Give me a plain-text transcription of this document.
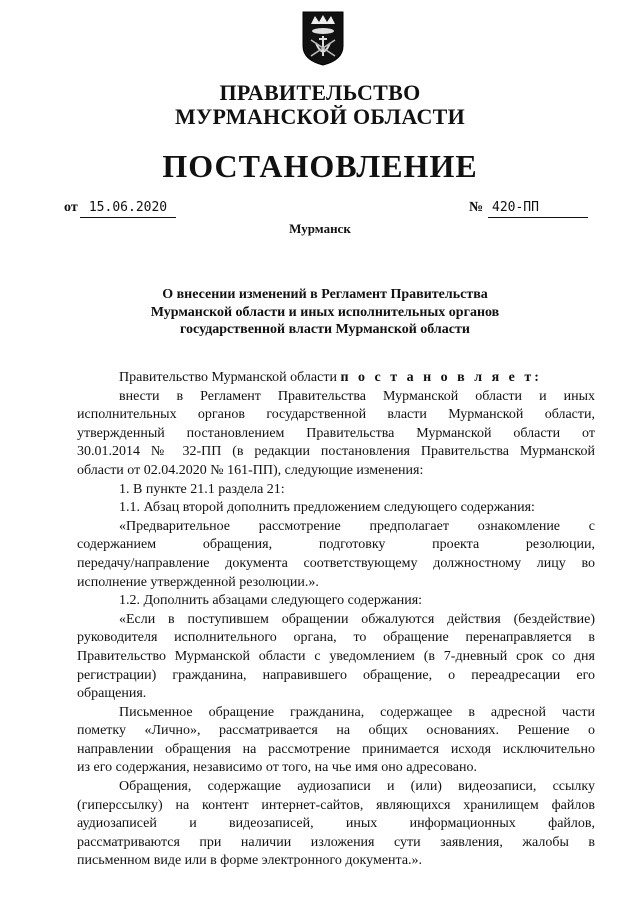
ПРАВИТЕЛЬСТВО
МУРМАНСКОЙ ОБЛАСТИ
ПОСТАНОВЛЕНИЕ
от 15.06.2020	№ 420-ПП
Мурманск
О внесении изменений в Регламент Правительства
Мурманской области и иных исполнительных органов
государственной власти Мурманской области
Правительство Мурманской области п о с т а н о в л я е т:
внести в Регламент Правительства Мурманской области и иных
исполнительных органов государственной власти Мурманской области,
утвержденный постановлением Правительства Мурманской области от
30.01.2014 № 32-ПП (в редакции постановления Правительства Мурманской
области от 02.04.2020 № 161-ПП), следующие изменения:
1. В пункте 21.1 раздела 21:
1.1. Абзац второй дополнить предложением следующего содержания:
«Предварительное рассмотрение предполагает ознакомление с
содержанием обращения, подготовку проекта резолюции,
передачу/направление документа соответствующему должностному лицу во
исполнение утвержденной резолюции.».
1.2. Дополнить абзацами следующего содержания:
«Если в поступившем обращении обжалуются действия (бездействие)
руководителя исполнительного органа, то обращение перенаправляется в
Правительство Мурманской области с уведомлением (в 7-дневный срок со дня
регистрации) гражданина, направившего обращение, о переадресации его
обращения.
Письменное обращение гражданина, содержащее в адресной части
пометку «Лично», рассматривается на общих основаниях. Решение о
направлении обращения на рассмотрение принимается исходя исключительно
из его содержания, независимо от того, на чье имя оно адресовано.
Обращения, содержащие аудиозаписи и (или) видеозаписи, ссылку
(гиперссылку) на контент интернет-сайтов, являющихся хранилищем файлов
аудиозаписей и видеозаписей, иных информационных файлов,
рассматриваются при наличии изложения сути заявления, жалобы в
письменном виде или в форме электронного документа.».
